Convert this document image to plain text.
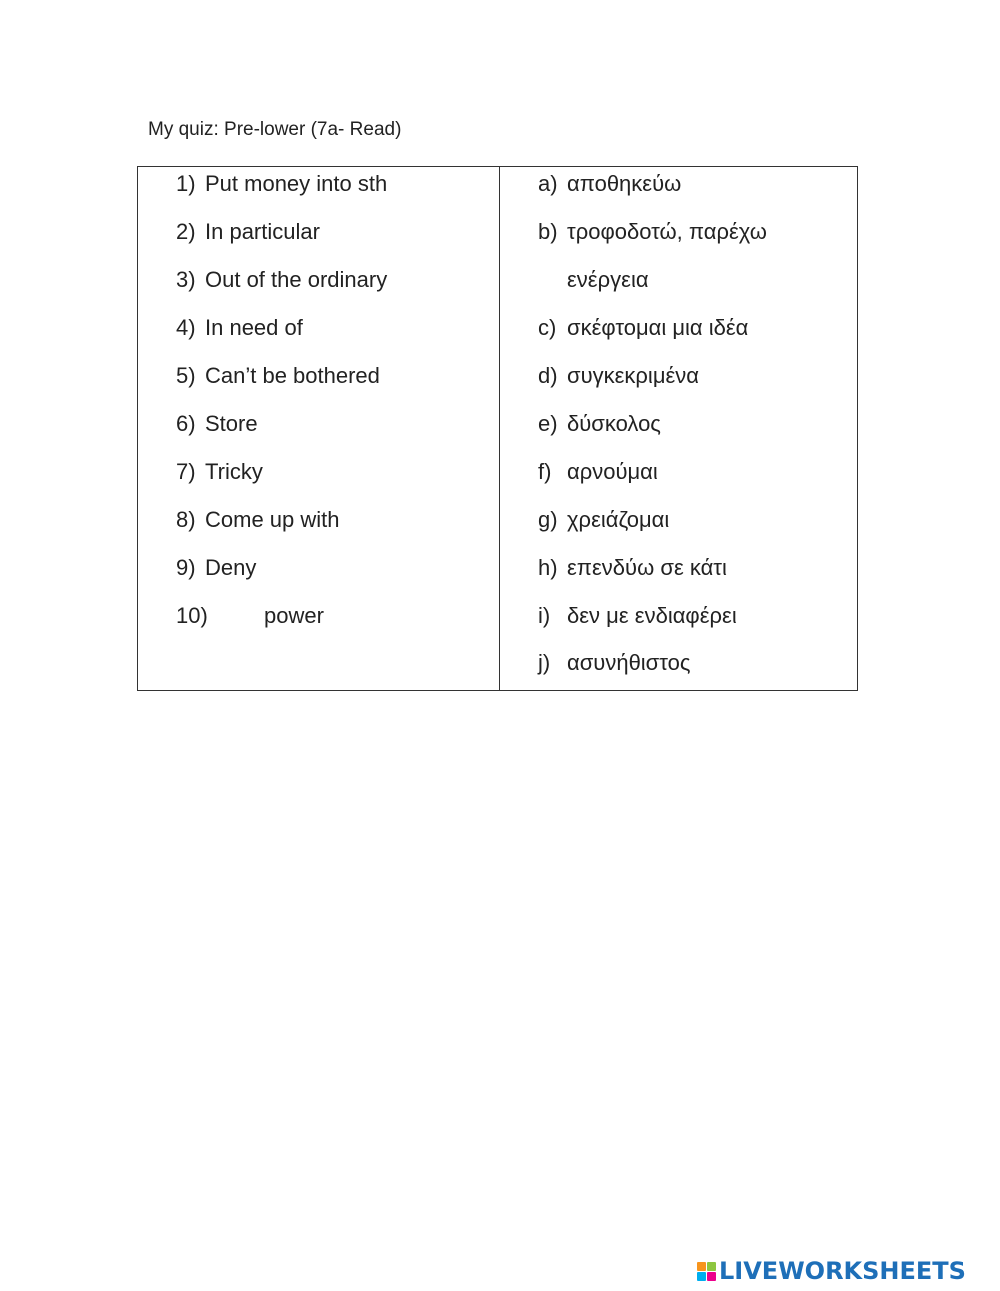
My quiz: Pre-lower (7a- Read)
1) Put money into sth
2) In particular
3) Out of the ordinary
4) In need of
5) Can’t be bothered
6) Store
7) Tricky
8) Come up with
9) Deny
10)	power
a) αποθηκεύω
b) τροφοδοτώ, παρέχω
ενέργεια
c) σκέφτομαι μια ιδέα
d) συγκεκριμένα
e) δύσκολος
f) αρνούμαι
g) χρειάζομαι
h) επενδύω σε κάτι
i) δεν με ενδιαφέρει
j) ασυνήθιστος
LIVEWORKSHEETS
